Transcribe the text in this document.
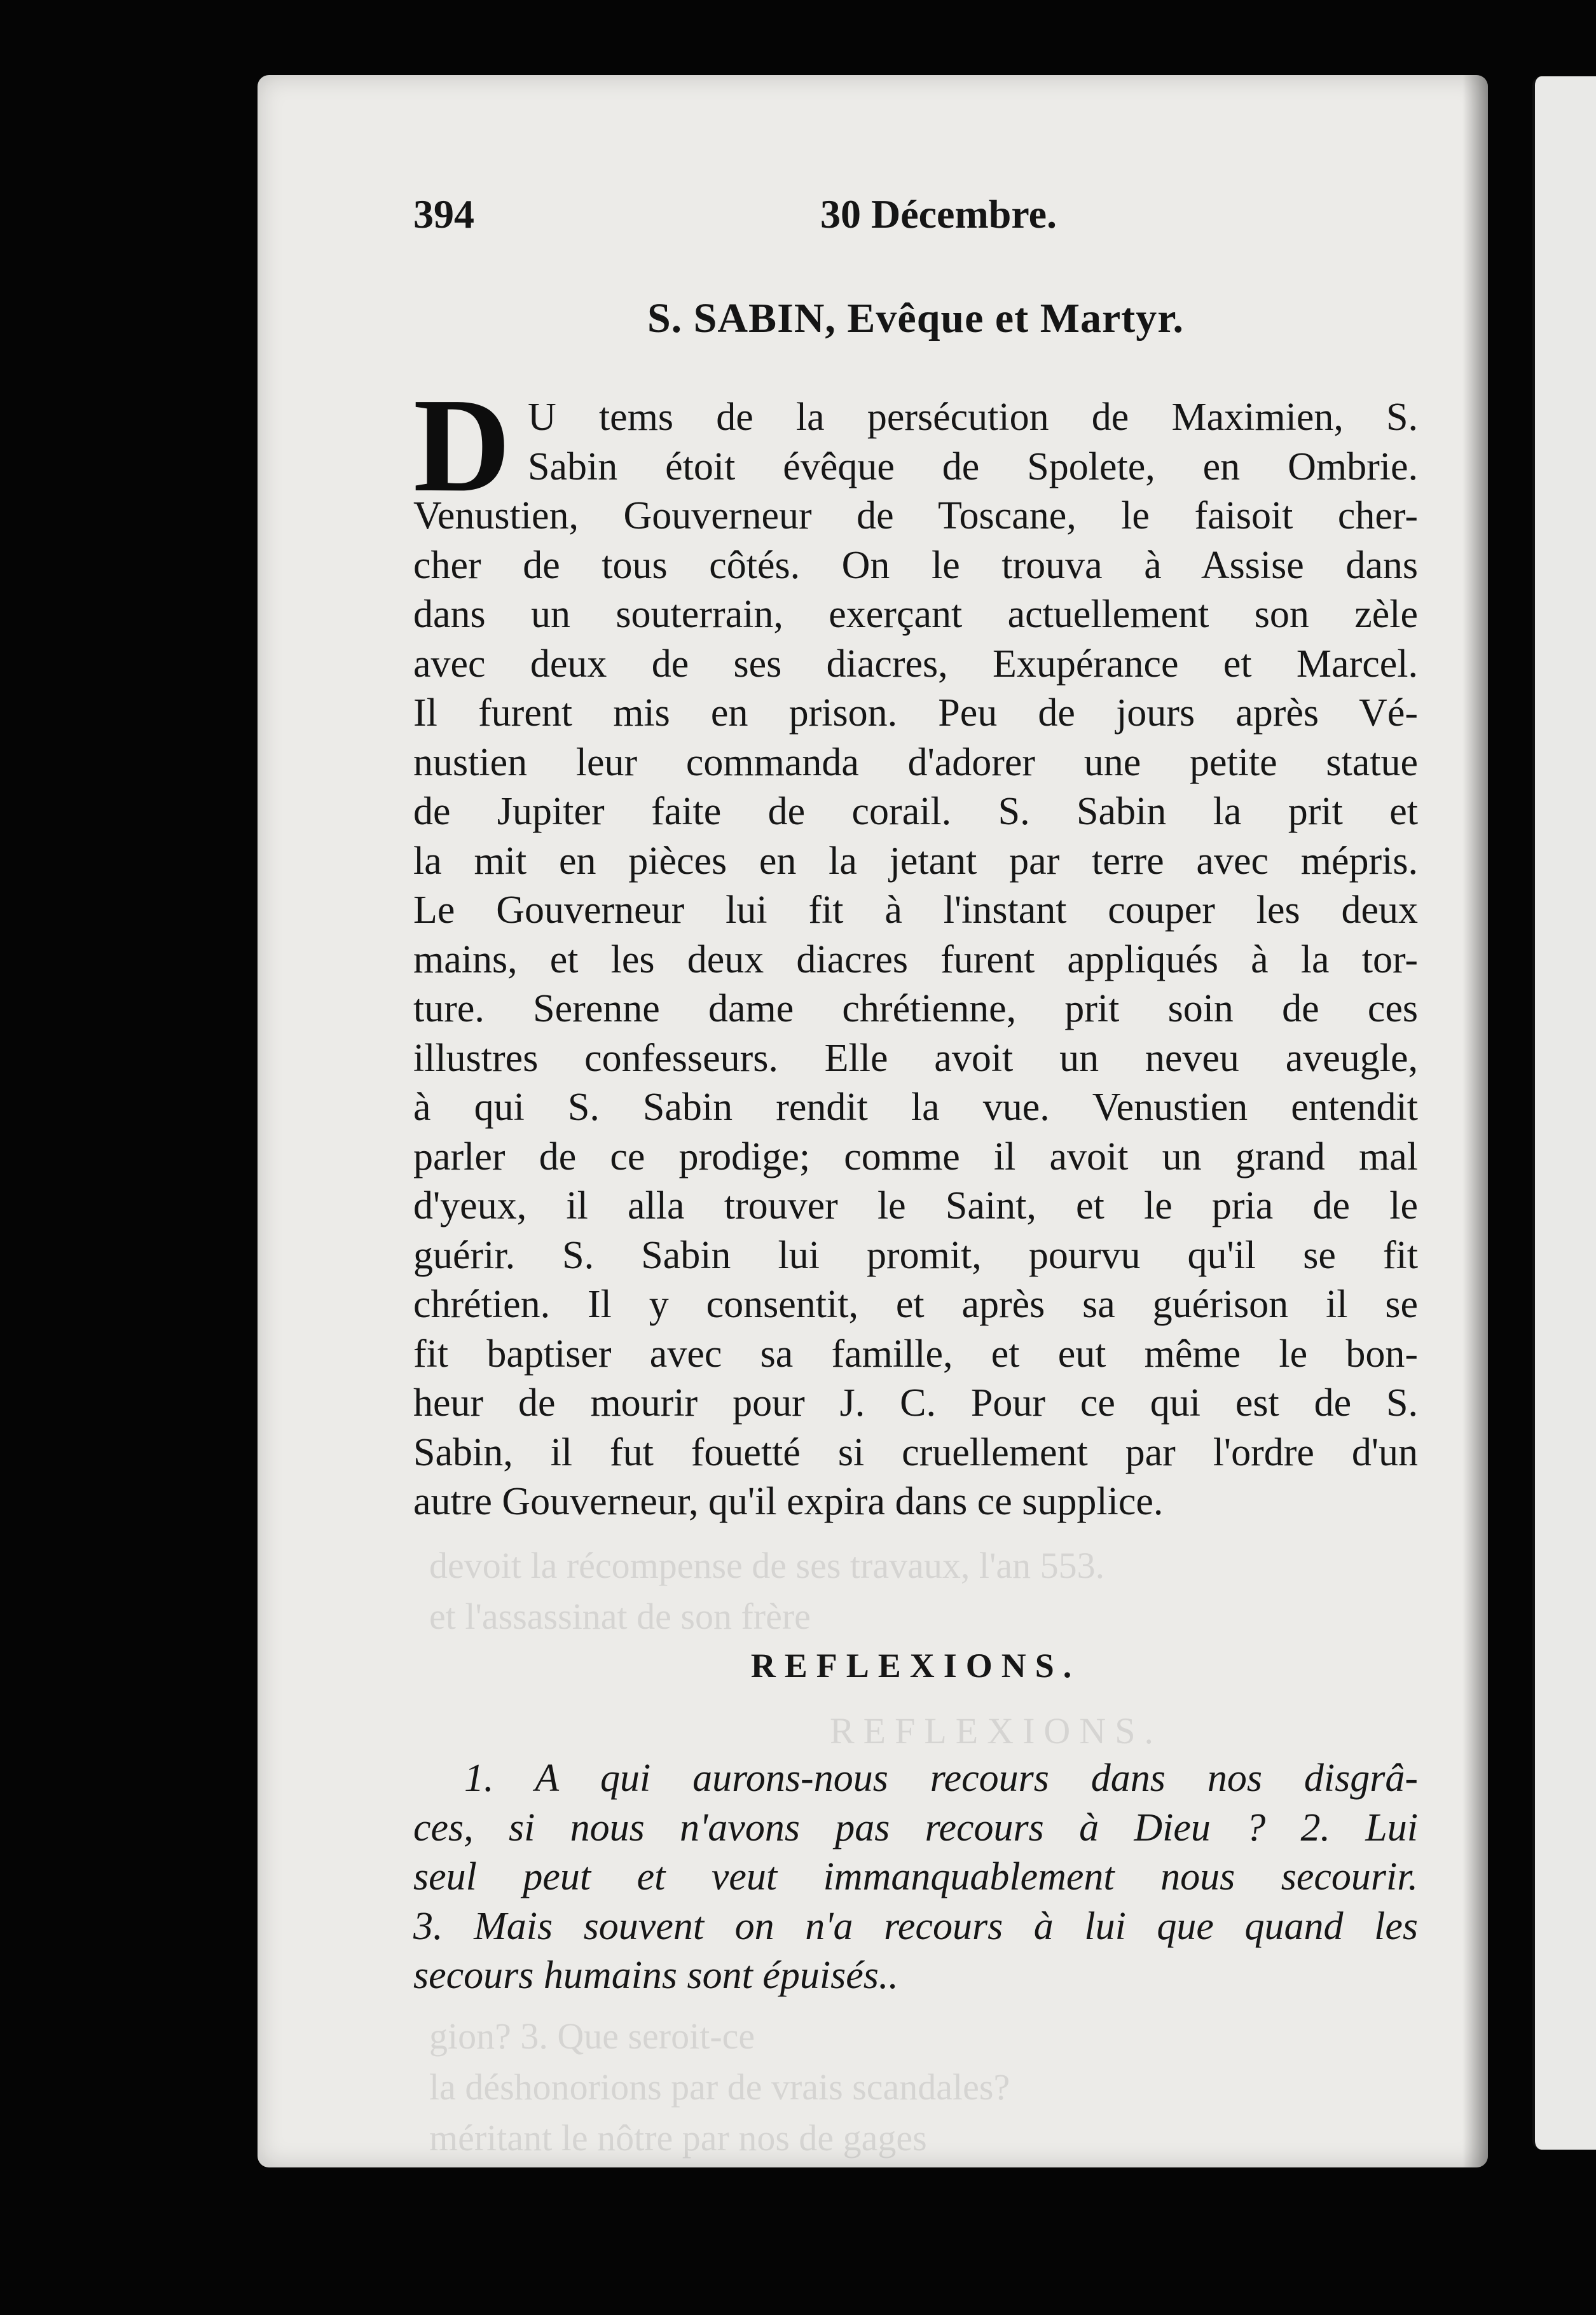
devoit la récompense de ses travaux, l'an 553.
et l'assassinat de son frère
REFLEXIONS.
gion? 3. Que seroit-ce
la déshonorions par de vrais scandales?
méritant le nôtre par nos de gages
394	30 Décembre.
S. SABIN, Evêque et Martyr.
D U tems de la persécution de Maximien, S.
Sabin étoit évêque de Spolete, en Ombrie.
Venustien, Gouverneur de Toscane, le faisoit cher-
cher de tous côtés. On le trouva à Assise dans
dans un souterrain, exerçant actuellement son zèle
avec deux de ses diacres, Exupérance et Marcel.
Il furent mis en prison. Peu de jours après Vé-
nustien leur commanda d'adorer une petite statue
de Jupiter faite de corail. S. Sabin la prit et
la mit en pièces en la jetant par terre avec mépris.
Le Gouverneur lui fit à l'instant couper les deux
mains, et les deux diacres furent appliqués à la tor-
ture. Serenne dame chrétienne, prit soin de ces
illustres confesseurs. Elle avoit un neveu aveugle,
à qui S. Sabin rendit la vue. Venustien entendit
parler de ce prodige; comme il avoit un grand mal
d'yeux, il alla trouver le Saint, et le pria de le
guérir. S. Sabin lui promit, pourvu qu'il se fit
chrétien. Il y consentit, et après sa guérison il se
fit baptiser avec sa famille, et eut même le bon-
heur de mourir pour J. C. Pour ce qui est de S.
Sabin, il fut fouetté si cruellement par l'ordre d'un
autre Gouverneur, qu'il expira dans ce supplice.
REFLEXIONS.
1. A qui aurons-nous recours dans nos disgrâ-
ces, si nous n'avons pas recours à Dieu ? 2. Lui
seul peut et veut immanquablement nous secourir.
3. Mais souvent on n'a recours à lui que quand les
secours humains sont épuisés..
